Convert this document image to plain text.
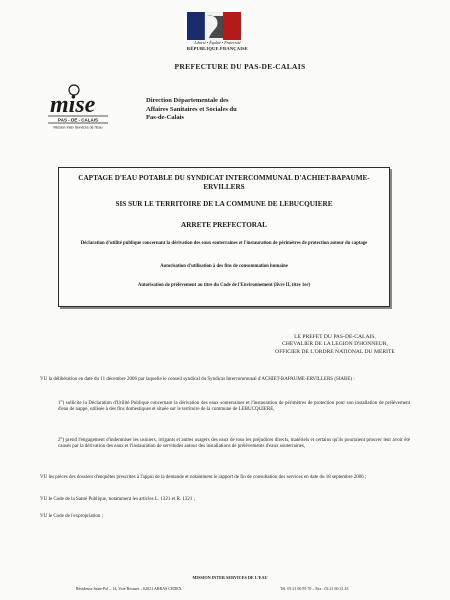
Liberté • Égalité • Fraternité
RÉPUBLIQUE FRANÇAISE
PREFECTURE DU PAS-DE-CALAIS
mise
PAS - DE - CALAIS
Mission Inter Services de l'Eau
Direction Départementale des
Affaires Sanitaires et Sociales du
Pas-de-Calais
CAPTAGE D'EAU POTABLE DU SYNDICAT INTERCOMMUNAL D'ACHIET-BAPAUME-ERVILLERS
SIS SUR LE TERRITOIRE DE LA COMMUNE DE LEBUCQUIERE
ARRETE PREFECTORAL
Déclaration d'utilité publique concernant la dérivation des eaux souterraines et l'instauration de périmètres de protection autour du captage
Autorisation d'utilisation à des fins de consommation humaine
Autorisation de prélèvement au titre du Code de l'Environnement (livre II, titre 1er)
LE PREFET DU PAS-DE-CALAIS,
CHEVALIER DE LA LEGION D'HONNEUR,
OFFICIER DE L'ORDRE NATIONAL DU MERITE
VU la délibération en date du 11 décembre 2006 par laquelle le conseil syndical du Syndicat Intercommunal d'ACHIET-BAPAUME-ERVILLERS (SIABE) :
1°) sollicite la Déclaration d'Utilité Publique concernant la dérivation des eaux souterraines et l'instauration de périmètres de protection pour son installation de prélèvement d'eau de nappe, utilisée à des fins domestiques et située sur le territoire de la commune de LEBUCQUIERE,
2°) prend l'engagement d'indemniser les usiniers, irrigants et autres usagers des eaux de tous les préjudices directs, matériels et certains qu'ils pourraient prouver leur avoir été causés par la dérivation des eaux et l'instauration de servitudes autour des installations de prélèvements d'eaux souterraines,
VU les pièces des dossiers d'enquêtes prescrites à l'appui de la demande et notamment le rapport de fin de consultation des services en date du 18 septembre 2006 ;
VU le Code de la Santé Publique, notamment les articles L. 1321 et R. 1321 ;
VU le Code de l'expropriation ;
MISSION INTER SERVICES DE L'EAU
Résidence Saint-Pol – 14, Voie Bossuet – 62021 ARRAS CEDEX	Tél. 03 21 60 93 70 – Fax : 03 21 60 31 43
